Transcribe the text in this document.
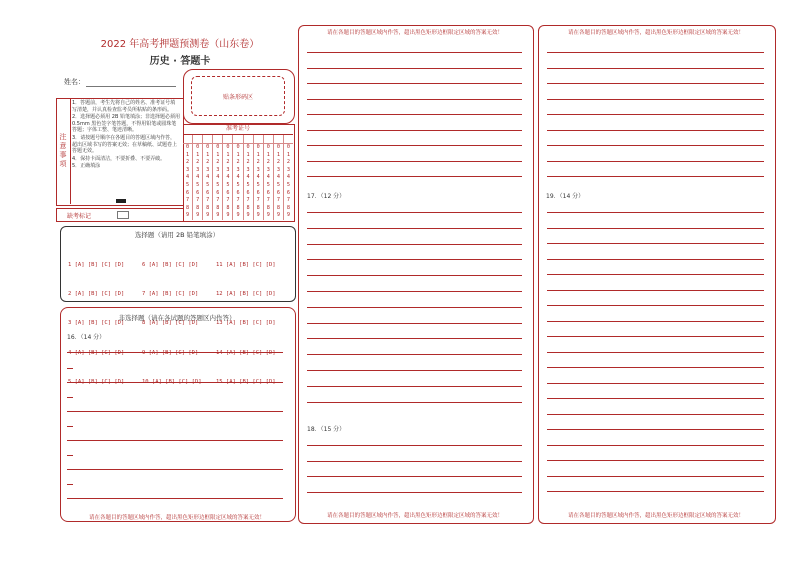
2022 年高考押题预测卷（山东卷）
历史 · 答题卡
姓名：
贴条形码区
注意事项

1．答题前，考生先将自己的姓名、准考证号填写清楚，并认真检查监考员所粘贴的条形码。

2．选择题必须用 2B 铅笔填涂；非选择题必须用 0.5mm 黑色签字笔答题，不得用铅笔或圆珠笔答题；字体工整、笔迹清晰。

3．请按题号顺序在各题目的答题区域内作答，超出区域书写的答案无效；在草稿纸、试题卷上答题无效。

4．保持卡面清洁，不要折叠、不要弄破。

5．正确填涂

缺考标记
准考证号
0
1
2
3
4
5
6
7
8
9
0
1
2
3
4
5
6
7
8
9
0
1
2
3
4
5
6
7
8
9
0
1
2
3
4
5
6
7
8
9
0
1
2
3
4
5
6
7
8
9
0
1
2
3
4
5
6
7
8
9
0
1
2
3
4
5
6
7
8
9
0
1
2
3
4
5
6
7
8
9
0
1
2
3
4
5
6
7
8
9
0
1
2
3
4
5
6
7
8
9
0
1
2
3
4
5
6
7
8
9
选择题（请用 2B 铅笔填涂）

1 [A] [B] [C] [D]

2 [A] [B] [C] [D]

3 [A] [B] [C] [D]

4 [A] [B] [C] [D]

5 [A] [B] [C] [D]

6 [A] [B] [C] [D]

7 [A] [B] [C] [D]

8 [A] [B] [C] [D]

9 [A] [B] [C] [D]

10 [A] [B] [C] [D]

11 [A] [B] [C] [D]

12 [A] [B] [C] [D]

13 [A] [B] [C] [D]

14 [A] [B] [C] [D]

15 [A] [B] [C] [D]

非选择题（请在各试题的答题区内作答）
16．（14 分）
请在各题目的答题区域内作答，超出黑色矩形边框限定区域的答案无效！
请在各题目的答题区域内作答，超出黑色矩形边框限定区域的答案无效！
17．（12 分）
18．（15 分）
请在各题目的答题区域内作答，超出黑色矩形边框限定区域的答案无效！
请在各题目的答题区域内作答，超出黑色矩形边框限定区域的答案无效！
19．（14 分）
请在各题目的答题区域内作答，超出黑色矩形边框限定区域的答案无效！
